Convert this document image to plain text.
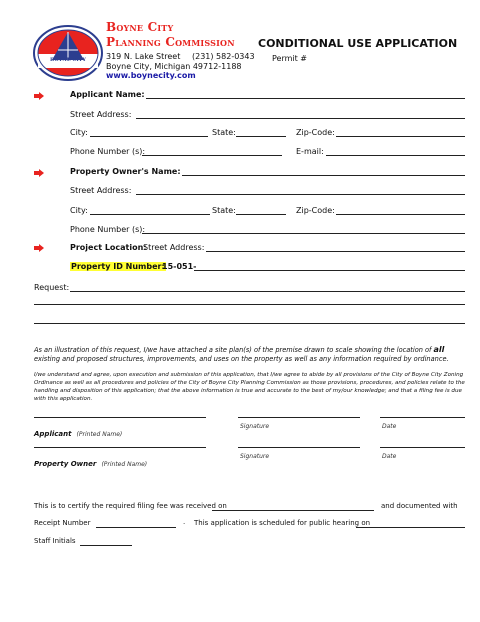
BOYNE CITY
Boyne City
Planning Commission
319 N. Lake Street (231) 582-0343
Boyne City, Michigan 49712-1188
www.boynecity.com
CONDITIONAL USE APPLICATION
Permit #
Applicant Name:
Street Address:
City:	State:	Zip-Code:
Phone Number (s):	E-mail:
Property Owner's Name:
Street Address:
City:	State:	Zip-Code:
Phone Number (s):
Project Location:
Street Address:
Property ID Number:
15-051-
Request:
As an illustration of this request, I/we have attached a site plan(s) of the premise drawn to scale showing the location of all existing and proposed structures, improvements, and uses on the property as well as any information required by ordinance.
I/we understand and agree, upon execution and submission of this application, that I/we agree to abide by all provisions of the City of Boyne City Zoning Ordinance as well as all procedures and policies of the City of Boyne City Planning Commission as those provisions, procedures, and policies relate to the handling and disposition of this application; that the above information is true and accurate to the best of my/our knowledge; and that a filing fee is due with this application.
Applicant (Printed Name)
Signature	Date
Property Owner (Printed Name)
Signature	Date
This is to certify the required filing fee was received on	and documented with
Receipt Number	. This application is scheduled for public hearing on
Staff Initials
